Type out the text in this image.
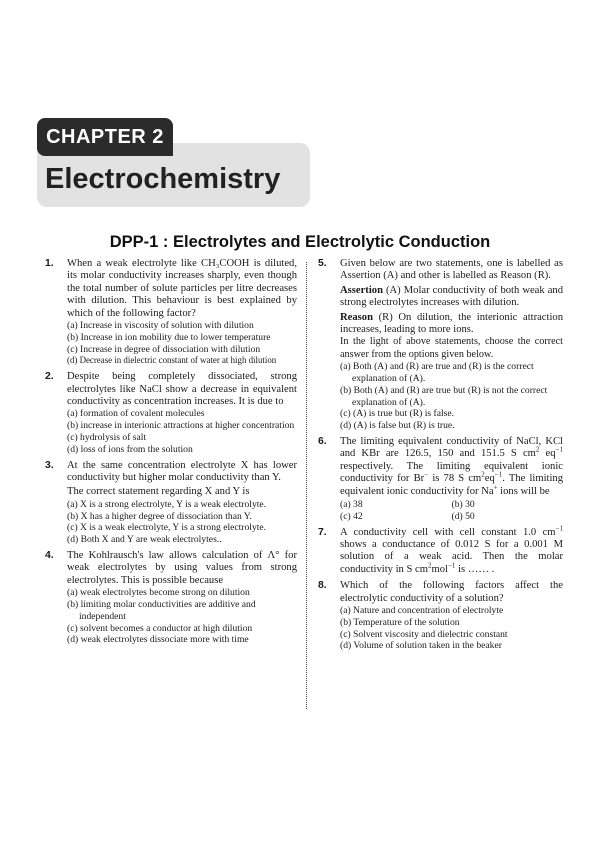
CHAPTER 2
Electrochemistry
DPP-1 : Electrolytes and Electrolytic Conduction
1. When a weak electrolyte like CH₃COOH is diluted, its molar conductivity increases sharply, even though the total number of solute particles per litre decreases with dilution. This behaviour is best explained by which of the following factor?
(a) Increase in viscosity of solution with dilution
(b) Increase in ion mobility due to lower temperature
(c) Increase in degree of dissociation with dilution
(d) Decrease in dielectric constant of water at high dilution
2. Despite being completely dissociated, strong electrolytes like NaCl show a decrease in equivalent conductivity as concentration increases. It is due to
(a) formation of covalent molecules
(b) increase in interionic attractions at higher concentration
(c) hydrolysis of salt
(d) loss of ions from the solution
3. At the same concentration electrolyte X has lower conductivity but higher molar conductivity than Y.
The correct statement regarding X and Y is
(a) X is a strong electrolyte, Y is a weak electrolyte.
(b) X has a higher degree of dissociation than Y.
(c) X is a weak electrolyte, Y is a strong electrolyte.
(d) Both X and Y are weak electrolytes..
4. The Kohlrausch's law allows calculation of Λ° for weak electrolytes by using values from strong electrolytes. This is possible because
(a) weak electrolytes become strong on dilution
(b) limiting molar conductivities are additive and independent
(c) solvent becomes a conductor at high dilution
(d) weak electrolytes dissociate more with time
5. Given below are two statements, one is labelled as Assertion (A) and other is labelled as Reason (R).
Assertion (A) Molar conductivity of both weak and strong electrolytes increases with dilution.
Reason (R) On dilution, the interionic attraction increases, leading to more ions.
In the light of above statements, choose the correct answer from the options given below.
(a) Both (A) and (R) are true and (R) is the correct explanation of (A).
(b) Both (A) and (R) are true but (R) is not the correct explanation of (A).
(c) (A) is true but (R) is false.
(d) (A) is false but (R) is true.
6. The limiting equivalent conductivity of NaCl, KCl and KBr are 126.5, 150 and 151.5 S $cm^2$ $eq^{-1}$ respectively. The limiting equivalent ionic conductivity for Br− is 78 S $cm^2eq^{-1}$. The limiting equivalent ionic conductivity for Na+ ions will be
(a) 38	(b) 30
(c) 42	(d) 50
7. A conductivity cell with cell constant 1.0 $cm^{-1}$ shows a conductance of 0.012 S for a 0.001 M solution of a weak acid. Then the molar conductivity in S $cm^2mol^{-1}$ is …… .
8. Which of the following factors affect the electrolytic conductivity of a solution?
(a) Nature and concentration of electrolyte
(b) Temperature of the solution
(c) Solvent viscosity and dielectric constant
(d) Volume of solution taken in the beaker
